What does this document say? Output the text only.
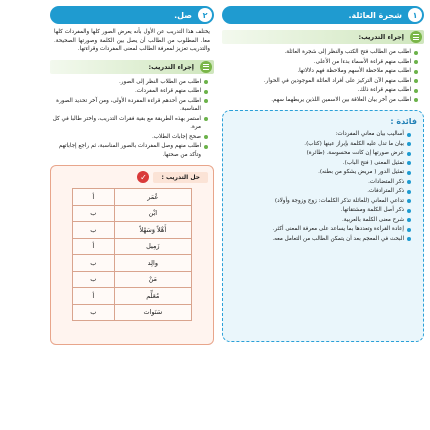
١
شجرة العائلة.
إجراء التدريب:
اطلب من الطالب فتح الكتب والنظر إلى شجرة العائلة.
اطلب منهم قراءة الأسماء بدءا من الأعلى.
اطلب منهم ملاحظة الأسهم وملاحظة فهم دلالاتها.
اطلب منهم الآن التركيز على أفراد العائلة الموجودين في الحوار.
اطلب منهم قراءة ذلك.
اطلب من آخر بيان العلاقة بين الاسمين اللذين يربطهما سهم.
فائدة :
أساليب بيان معاني المفردات:
بيان ما تدل عليه الكلمة بإبراز عينها (كتاب).
عرض صورتها إن كانت محسوسة. (طائرة)
تمثيل المعنى ( فتح الباب).
تمثيل الدور ( مريض يشكو من بطنه).
ذكر المتضادات.
ذكر المترادفات.
تداعي المعاني (للعائلة تذكر الكلمات: زوج وزوجة وأولاد)
ذكر أصل الكلمة ومشتقاتها.
شرح معنى الكلمة بالعربية.
إعادة القراءة وتعددها بما يساعد على معرفة المعنى أكثر.
البحث في المعجم بعد أن يتمكن الطالب من التعامل معه.
٢
صل.

يختلف هذا التدريب عن الأول بأنه يعرض الصور كلها والمفردات كلها معا. المطلوب من الطالب أن يصل بين الكلمة وصورتها الصحيحة. والتدريب تعزيز لمعرفة الطالب لمعنى المفردات وقراءتها.

إجراء التدريب:
اطلب من الطلاب النظر إلى الصور.
اطلب منهم قراءة المفردات.
اطلب من أحدهم قراءة المفردة الأولى، ومن آخر تحديد الصورة المناسبة.
استمر بهذه الطريقة مع بقية فقرات التدريب، واختر طالبا في كل مرة.
صحح إجابات الطلاب.
اطلب منهم وصل المفردات بالصور المناسبة، ثم راجع إجاباتهم وتأكد من صحتها.
حل التدريب :
✓
عُمَر	أ
ابْن	ب
أَهْلاً وَسَهْلاً	ب
زَمِيل	أ
والِد	ب
مَنْ	ب
مُعَلِّم	أ
سَنَوات	ب
